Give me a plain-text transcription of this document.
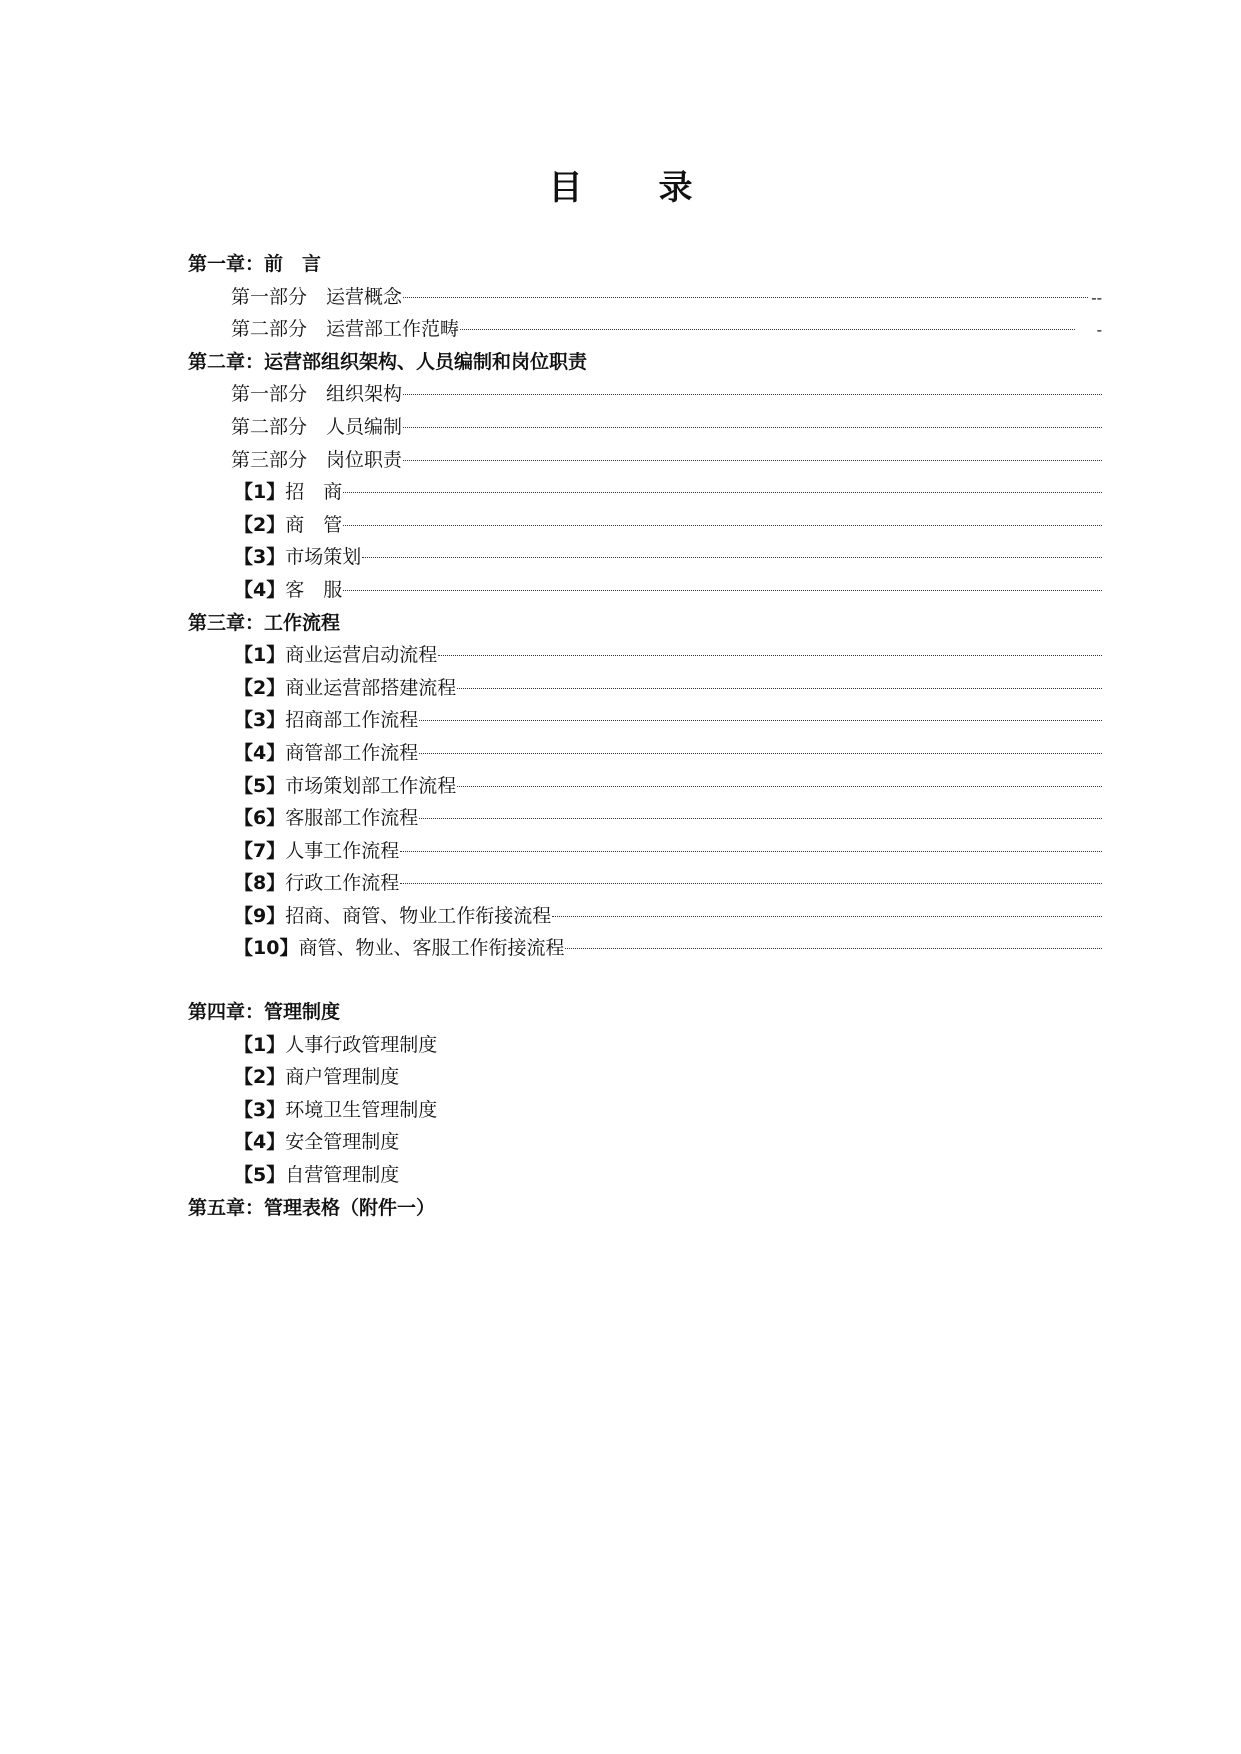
目 录
第一章：前　言
第一部分　运营概念	--
第二部分　运营部工作范畴	-
第二章：运营部组织架构、人员编制和岗位职责
第一部分　组织架构
第二部分　人员编制
第三部分　岗位职责
【1】 招　商
【2】 商　管
【3】 市场策划
【4】 客　服
第三章：工作流程
【1】 商业运营启动流程
【2】 商业运营部搭建流程
【3】 招商部工作流程
【4】 商管部工作流程
【5】 市场策划部工作流程
【6】 客服部工作流程
【7】 人事工作流程
【8】 行政工作流程
【9】 招商、商管、物业工作衔接流程
【10】 商管、物业、客服工作衔接流程
第四章：管理制度
【1】人事行政管理制度
【2】商户管理制度
【3】环境卫生管理制度
【4】安全管理制度
【5】自营管理制度
第五章：管理表格（附件一）
